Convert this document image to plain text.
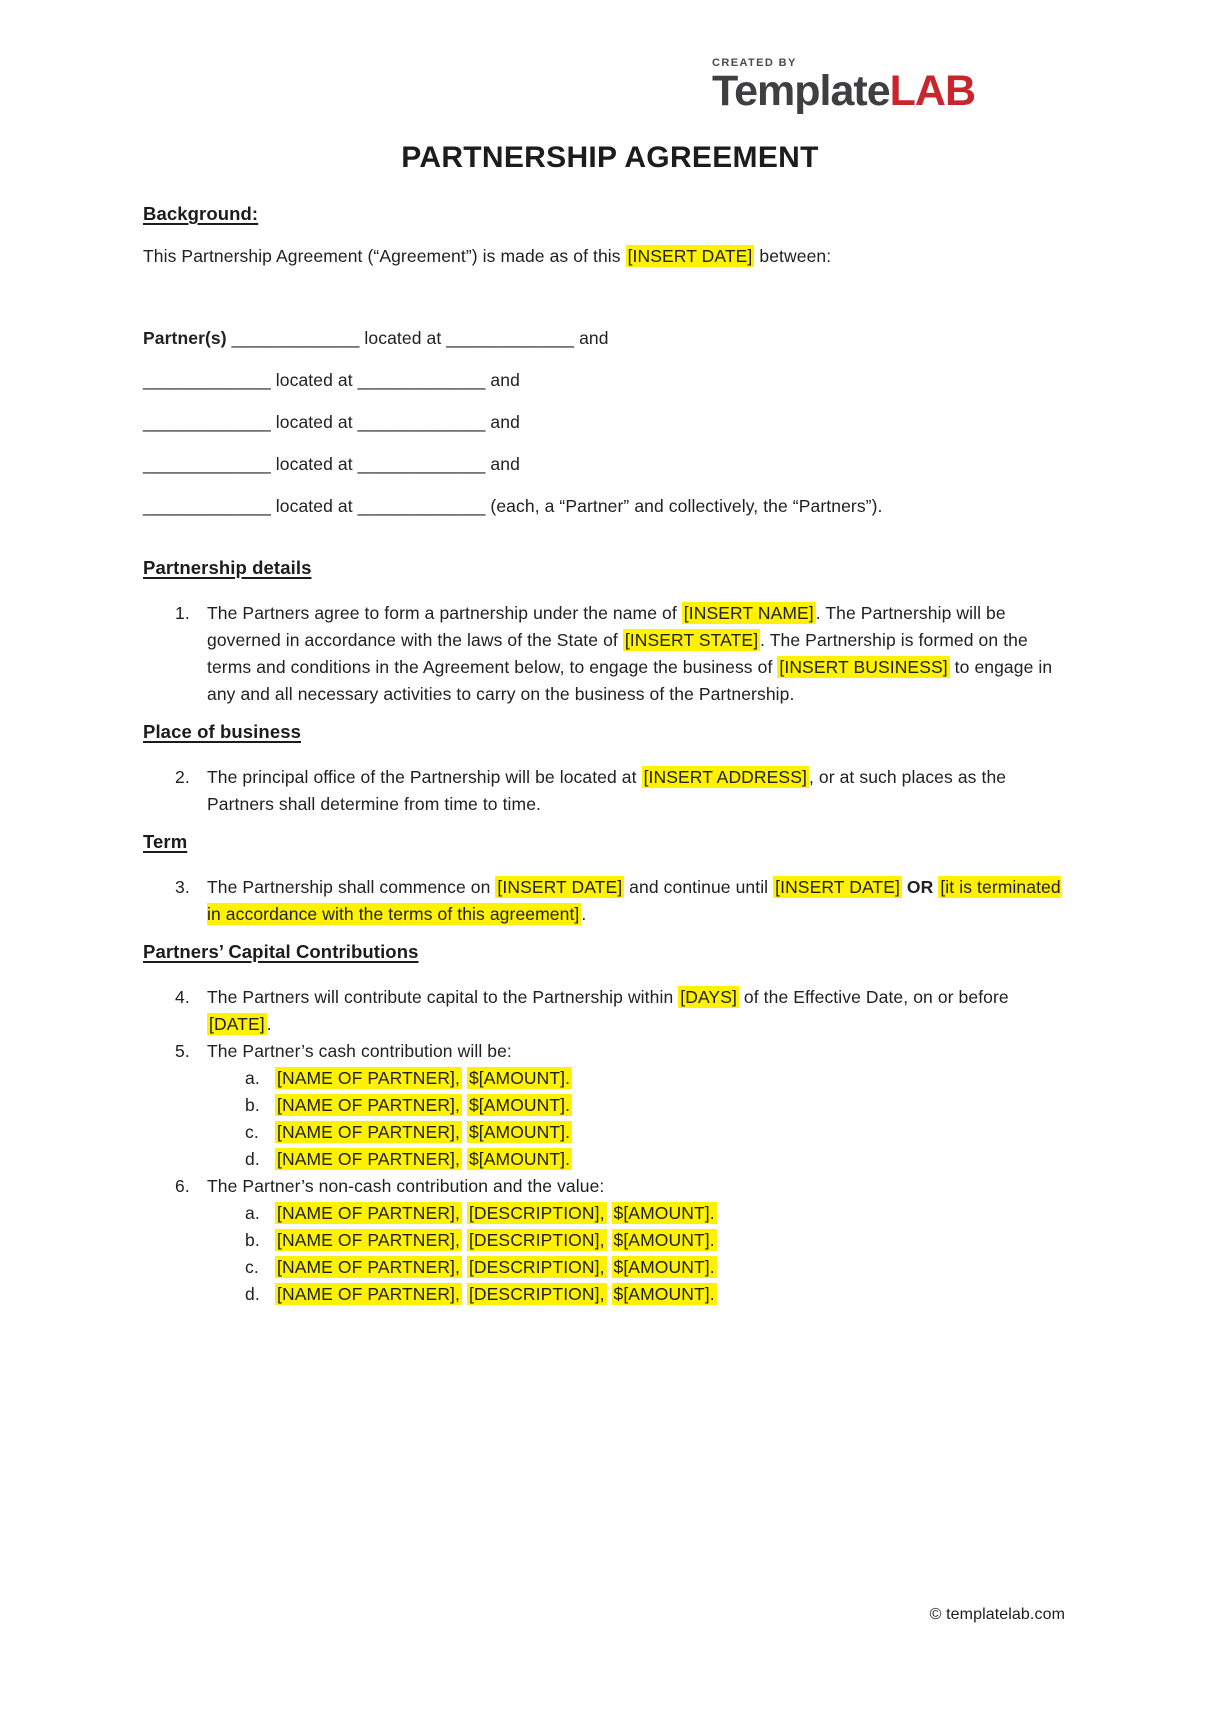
CREATED BY
TemplateLAB
PARTNERSHIP AGREEMENT
Background:

This Partnership Agreement (“Agreement”) is made as of this [INSERT DATE] between:

Partner(s) _____________ located at _____________ and

_____________ located at _____________ and

_____________ located at _____________ and

_____________ located at _____________ and

_____________ located at _____________ (each, a “Partner” and collectively, the “Partners”).

Partnership details
1. The Partners agree to form a partnership under the name of [INSERT NAME] . The Partnership will be governed in accordance with the laws of the State of [INSERT STATE] . The Partnership is formed on the terms and conditions in the Agreement below, to engage the business of [INSERT BUSINESS] to engage in any and all necessary activities to carry on the business of the Partnership.
Place of business
2. The principal office of the Partnership will be located at [INSERT ADDRESS] , or at such places as the Partners shall determine from time to time.
Term
3. The Partnership shall commence on [INSERT DATE] and continue until [INSERT DATE] OR [it is terminated in accordance with the terms of this agreement] .
Partners’ Capital Contributions
4. The Partners will contribute capital to the Partnership within [DAYS] of the Effective Date, on or before [DATE] .
5. The Partner’s cash contribution will be:
a. [NAME OF PARTNER], $[AMOUNT].
b. [NAME OF PARTNER], $[AMOUNT].
c.	[NAME OF PARTNER], $[AMOUNT].
d. [NAME OF PARTNER], $[AMOUNT].
6. The Partner’s non-cash contribution and the value:
a. [NAME OF PARTNER], [DESCRIPTION], $[AMOUNT].
b. [NAME OF PARTNER], [DESCRIPTION], $[AMOUNT].
c.	[NAME OF PARTNER], [DESCRIPTION], $[AMOUNT].
d. [NAME OF PARTNER], [DESCRIPTION], $[AMOUNT].
© templatelab.com
